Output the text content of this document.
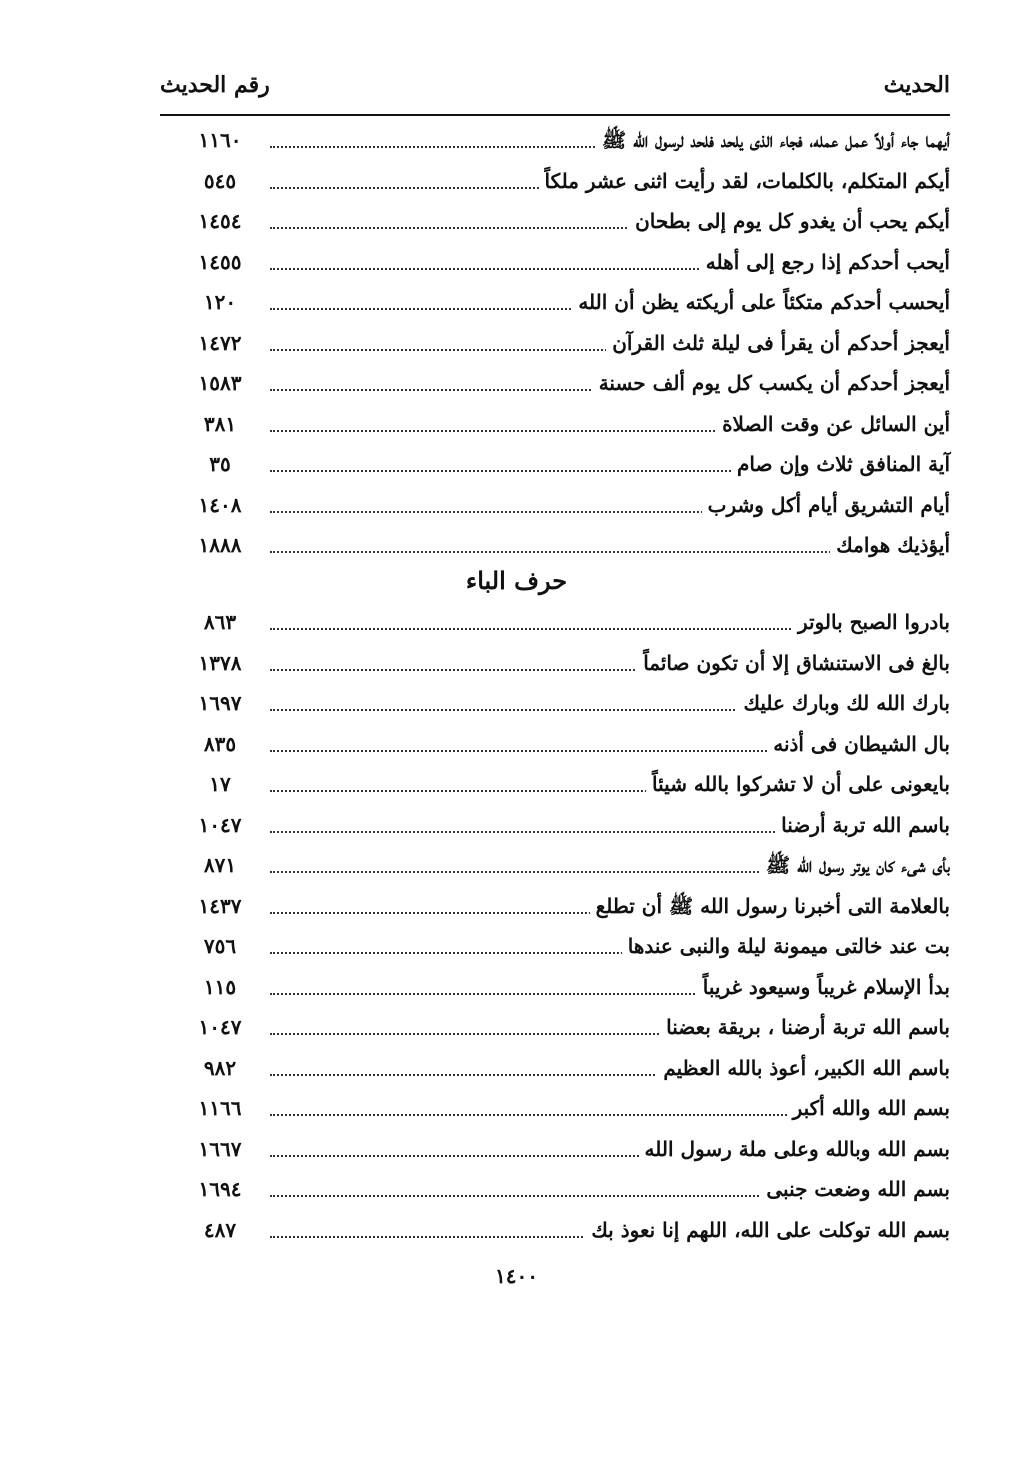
الحديث
رقم الحديث
أيهما جاء أولاً عمل عمله، فجاء الذى يلحد فلحد لرسول الله ﷺ
١١٦٠
أيكم المتكلم، بالكلمات، لقد رأيت اثنى عشر ملكاً
٥٤٥
أيكم يحب أن يغدو كل يوم إلى بطحان
١٤٥٤
أيحب أحدكم إذا رجع إلى أهله
١٤٥٥
أيحسب أحدكم متكئاً على أريكته يظن أن الله
١٢٠
أيعجز أحدكم أن يقرأ فى ليلة ثلث القرآن
١٤٧٢
أيعجز أحدكم أن يكسب كل يوم ألف حسنة
١٥٨٣
أين السائل عن وقت الصلاة
٣٨١
آية المنافق ثلاث وإن صام
٣٥
أيام التشريق أيام أكل وشرب
١٤٠٨
أيؤذيك هوامك
١٨٨٨
حرف الباء
بادروا الصبح بالوتر
٨٦٣
بالغ فى الاستنشاق إلا أن تكون صائماً
١٣٧٨
بارك الله لك وبارك عليك
١٦٩٧
بال الشيطان فى أذنه
٨٣٥
بايعونى على أن لا تشركوا بالله شيئاً
١٧
باسم الله تربة أرضنا
١٠٤٧
بأى شىء كان يوتر رسول الله ﷺ
٨٧١
بالعلامة التى أخبرنا رسول الله ﷺ أن تطلع
١٤٣٧
بت عند خالتى ميمونة ليلة والنبى عندها
٧٥٦
بدأ الإسلام غريباً وسيعود غريباً
١١٥
باسم الله تربة أرضنا ، بريقة بعضنا
١٠٤٧
باسم الله الكبير، أعوذ بالله العظيم
٩٨٢
بسم الله والله أكبر
١١٦٦
بسم الله وبالله وعلى ملة رسول الله
١٦٦٧
بسم الله وضعت جنبى
١٦٩٤
بسم الله توكلت على الله، اللهم إنا نعوذ بك
٤٨٧
١٤٠٠
